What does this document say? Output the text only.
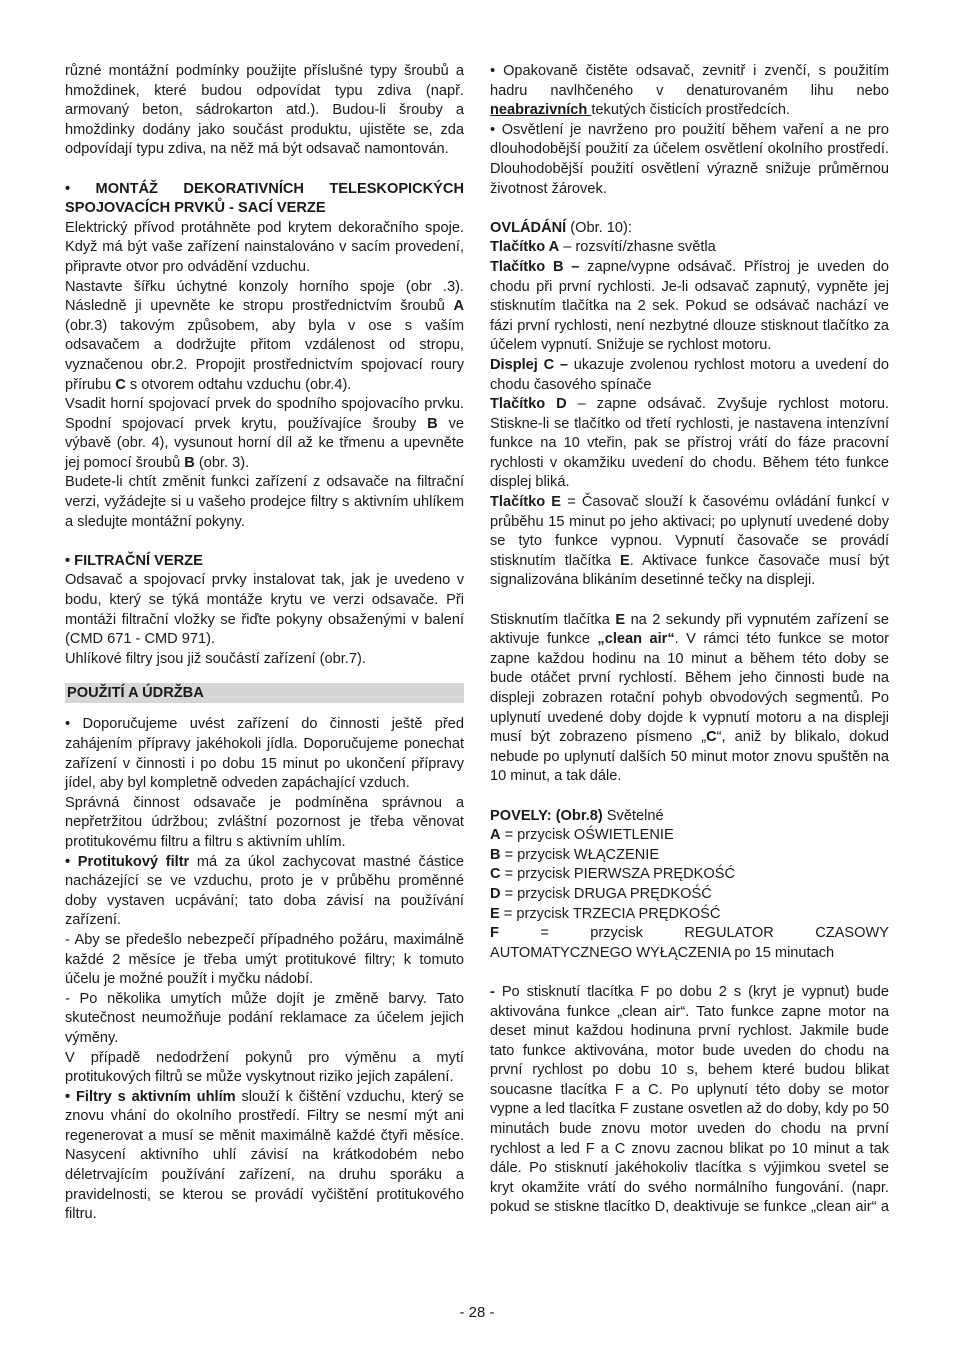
různé montážní podmínky použijte příslušné typy šroubů a hmoždinek, které budou odpovídat typu zdiva (např. armovaný beton, sádrokarton atd.). Budou-li šrouby a hmoždinky dodány jako součást produktu, ujistěte se, zda odpovídají typu zdiva, na něž má být odsavač namontován.

• MONTÁŽ DEKORATIVNÍCH TELESKOPICKÝCH SPOJOVACÍCH PRVKŮ - SACÍ VERZE

Elektrický přívod protáhněte pod krytem dekoračního spoje. Když má být vaše zařízení nainstalováno v sacím provedení, připravte otvor pro odvádění vzduchu.

Nastavte šířku úchytné konzoly horního spoje (obr .3). Následně ji upevněte ke stropu prostřednictvím šroubů A (obr.3) takovým způsobem, aby byla v ose s vaším odsavačem a dodržujte přitom vzdálenost od stropu, vyznačenou obr.2. Propojit prostřednictvím spojovací roury přírubu C s otvorem odtahu vzduchu (obr.4).

Vsadit horní spojovací prvek do spodního spojovacího prvku. Spodní spojovací prvek krytu, používajíce šrouby B ve výbavě (obr. 4), vysunout horní díl až ke třmenu a upevněte jej pomocí šroubů B (obr. 3).

Budete-li chtít změnit funkci zařízení z odsavače na filtrační verzi, vyžádejte si u vašeho prodejce filtry s aktivním uhlíkem a sledujte montážní pokyny.

• FILTRAČNÍ VERZE

Odsavač a spojovací prvky instalovat tak, jak je uvedeno v bodu, který se týká montáže krytu ve verzi odsavače. Při montáži filtrační vložky se řiďte pokyny obsaženými v balení (CMD 671 - CMD 971).

Uhlíkové filtry jsou již součástí zařízení (obr.7).

POUŽITÍ A ÚDRŽBA

• Doporučujeme uvést zařízení do činnosti ještě před zahájením přípravy jakéhokoli jídla. Doporučujeme ponechat zařízení v činnosti i po dobu 15 minut po ukončení přípravy jídel, aby byl kompletně odveden zapáchající vzduch.

Správná činnost odsavače je podmíněna správnou a nepřetržitou údržbou; zvláštní pozornost je třeba věnovat protitukovému filtru a filtru s aktivním uhlím.

• Protitukový filtr má za úkol zachycovat mastné částice nacházející se ve vzduchu, proto je v průběhu proměnné doby vystaven ucpávání; tato doba závisí na používání zařízení.

- Aby se předešlo nebezpečí případného požáru, maximálně každé 2 měsíce je třeba umýt protitukové filtry; k tomuto účelu je možné použít i myčku nádobí.

- Po několika umytích může dojít je změně barvy. Tato skutečnost neumožňuje podání reklamace za účelem jejich výměny.

V případě nedodržení pokynů pro výměnu a mytí protitukových filtrů se může vyskytnout riziko jejich zapálení.

• Filtry s aktivním uhlím slouží k čištění vzduchu, který se znovu vhání do okolního prostředí. Filtry se nesmí mýt ani regenerovat a musí se měnit maximálně každé čtyři měsíce. Nasycení aktivního uhlí závisí na krátkodobém nebo déletrvajícím používání zařízení, na druhu sporáku a pravidelnosti, se kterou se provádí vyčištění protitukového filtru.

• Opakovaně čistěte odsavač, zevnitř i zvenčí, s použitím hadru navlhčeného v denaturovaném lihu nebo neabrazivních tekutých čisticích prostředcích.

• Osvětlení je navrženo pro použití během vaření a ne pro dlouhodobější použití za účelem osvětlení okolního prostředí. Dlouhodobější použití osvětlení výrazně snižuje průměrnou životnost žárovek.

OVLÁDÁNÍ (Obr. 10):

Tlačítko A – rozsvítí/zhasne světla

Tlačítko B – zapne/vypne odsávač. Přístroj je uveden do chodu při první rychlosti. Je-li odsavač zapnutý, vypněte jej stisknutím tlačítka na 2 sek. Pokud se odsávač nachází ve fázi první rychlosti, není nezbytné dlouze stisknout tlačítko za účelem vypnutí. Snižuje se rychlost motoru.

Displej C – ukazuje zvolenou rychlost motoru a uvedení do chodu časového spínače

Tlačítko D – zapne odsávač. Zvyšuje rychlost motoru. Stiskne-li se tlačítko od třetí rychlosti, je nastavena intenzívní funkce na 10 vteřin, pak se přístroj vrátí do fáze pracovní rychlosti v okamžiku uvedení do chodu. Během této funkce displej bliká.

Tlačítko E = Časovač slouží k časovému ovládání funkcí v průběhu 15 minut po jeho aktivaci; po uplynutí uvedené doby se tyto funkce vypnou. Vypnutí časovače se provádí stisknutím tlačítka E. Aktivace funkce časovače musí být signalizována blikáním desetinné tečky na displeji.

Stisknutím tlačítka E na 2 sekundy při vypnutém zařízení se aktivuje funkce „clean air“. V rámci této funkce se motor zapne každou hodinu na 10 minut a během této doby se bude otáčet první rychlostí. Během jeho činnosti bude na displeji zobrazen rotační pohyb obvodových segmentů. Po uplynutí uvedené doby dojde k vypnutí motoru a na displeji musí být zobrazeno písmeno „C“, aniž by blikalo, dokud nebude po uplynutí dalších 50 minut motor znovu spuštěn na 10 minut, a tak dále.

POVELY: (Obr.8) Světelné

A = przycisk OŚWIETLENIE

B = przycisk WŁĄCZENIE

C = przycisk PIERWSZA PRĘDKOŚĆ

D = przycisk DRUGA PRĘDKOŚĆ

E = przycisk TRZECIA PRĘDKOŚĆ

F = przycisk REGULATOR CZASOWY

AUTOMATYCZNEGO WYŁĄCZENIA po 15 minutach

- Po stisknutí tlacítka F po dobu 2 s (kryt je vypnut) bude aktivována funkce „clean air“. Tato funkce zapne motor na deset minut každou hodinuna první rychlost. Jakmile bude tato funkce aktivována, motor bude uveden do chodu na první rychlost po dobu 10 s, behem které budou blikat soucasne tlacítka F a C. Po uplynutí této doby se motor vypne a led tlacítka F zustane osvetlen až do doby, kdy po 50 minutách bude znovu motor uveden do chodu na první rychlost a led F a C znovu zacnou blikat po 10 minut a tak dále. Po stisknutí jakéhokoliv tlacítka s výjimkou svetel se kryt okamžite vrátí do svého normálního fungování. (napr. pokud se stiskne tlacítko D, deaktivuje se funkce „clean air“ a

- 28 -
